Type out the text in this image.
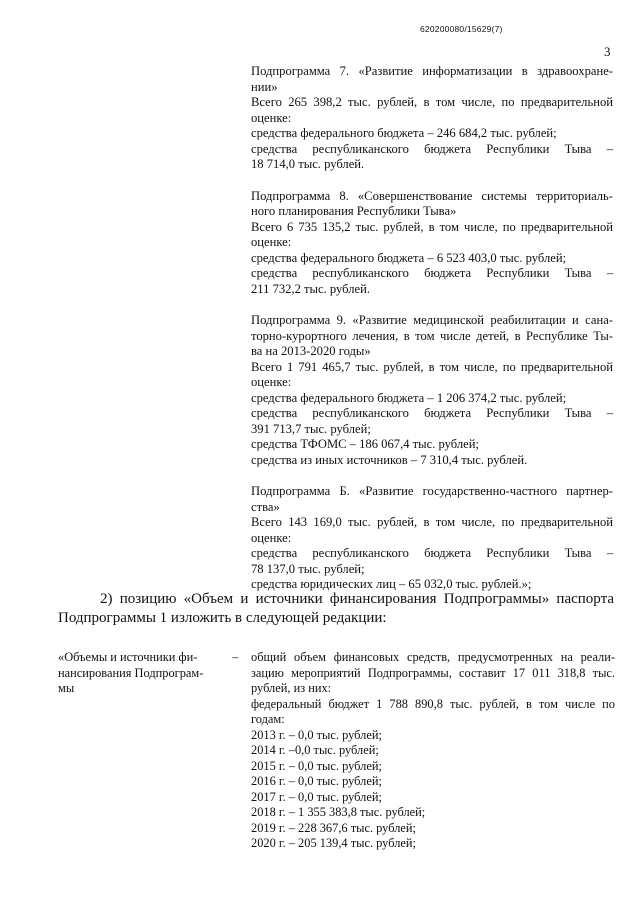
620200080/15629(7)
3
Подпрограмма 7. «Развитие информатизации в здравоохране-
нии»
Всего 265 398,2 тыс. рублей, в том числе, по предварительной
оценке:
средства федерального бюджета – 246 684,2 тыс. рублей;
средства республиканского бюджета Республики Тыва –
18 714,0 тыс. рублей.
Подпрограмма 8. «Совершенствование системы территориаль-
ного планирования Республики Тыва»
Всего 6 735 135,2 тыс. рублей, в том числе, по предварительной
оценке:
средства федерального бюджета – 6 523 403,0 тыс. рублей;
средства республиканского бюджета Республики Тыва –
211 732,2 тыс. рублей.
Подпрограмма 9. «Развитие медицинской реабилитации и сана-
торно-курортного лечения, в том числе детей, в Республике Ты-
ва на 2013-2020 годы»
Всего 1 791 465,7 тыс. рублей, в том числе, по предварительной
оценке:
средства федерального бюджета – 1 206 374,2 тыс. рублей;
средства республиканского бюджета Республики Тыва –
391 713,7 тыс. рублей;
средства ТФОМС – 186 067,4 тыс. рублей;
средства из иных источников – 7 310,4 тыс. рублей.
Подпрограмма Б. «Развитие государственно-частного партнер-
ства»
Всего 143 169,0 тыс. рублей, в том числе, по предварительной
оценке:
средства республиканского бюджета Республики Тыва –
78 137,0 тыс. рублей;
средства юридических лиц – 65 032,0 тыс. рублей.»;
2) позицию «Объем и источники финансирования Подпрограммы» паспорта
Подпрограммы 1 изложить в следующей редакции:
«Объемы и источники фи-
нансирования Подпрограм-
мы
– общий объем финансовых средств, предусмотренных на реали-
зацию мероприятий Подпрограммы, составит 17 011 318,8 тыс.
рублей, из них:
федеральный бюджет 1 788 890,8 тыс. рублей, в том числе по
годам:
2013 г. – 0,0 тыс. рублей;
2014 г. –0,0 тыс. рублей;
2015 г. – 0,0 тыс. рублей;
2016 г. – 0,0 тыс. рублей;
2017 г. – 0,0 тыс. рублей;
2018 г. – 1 355 383,8 тыс. рублей;
2019 г. – 228 367,6 тыс. рублей;
2020 г. – 205 139,4 тыс. рублей;
